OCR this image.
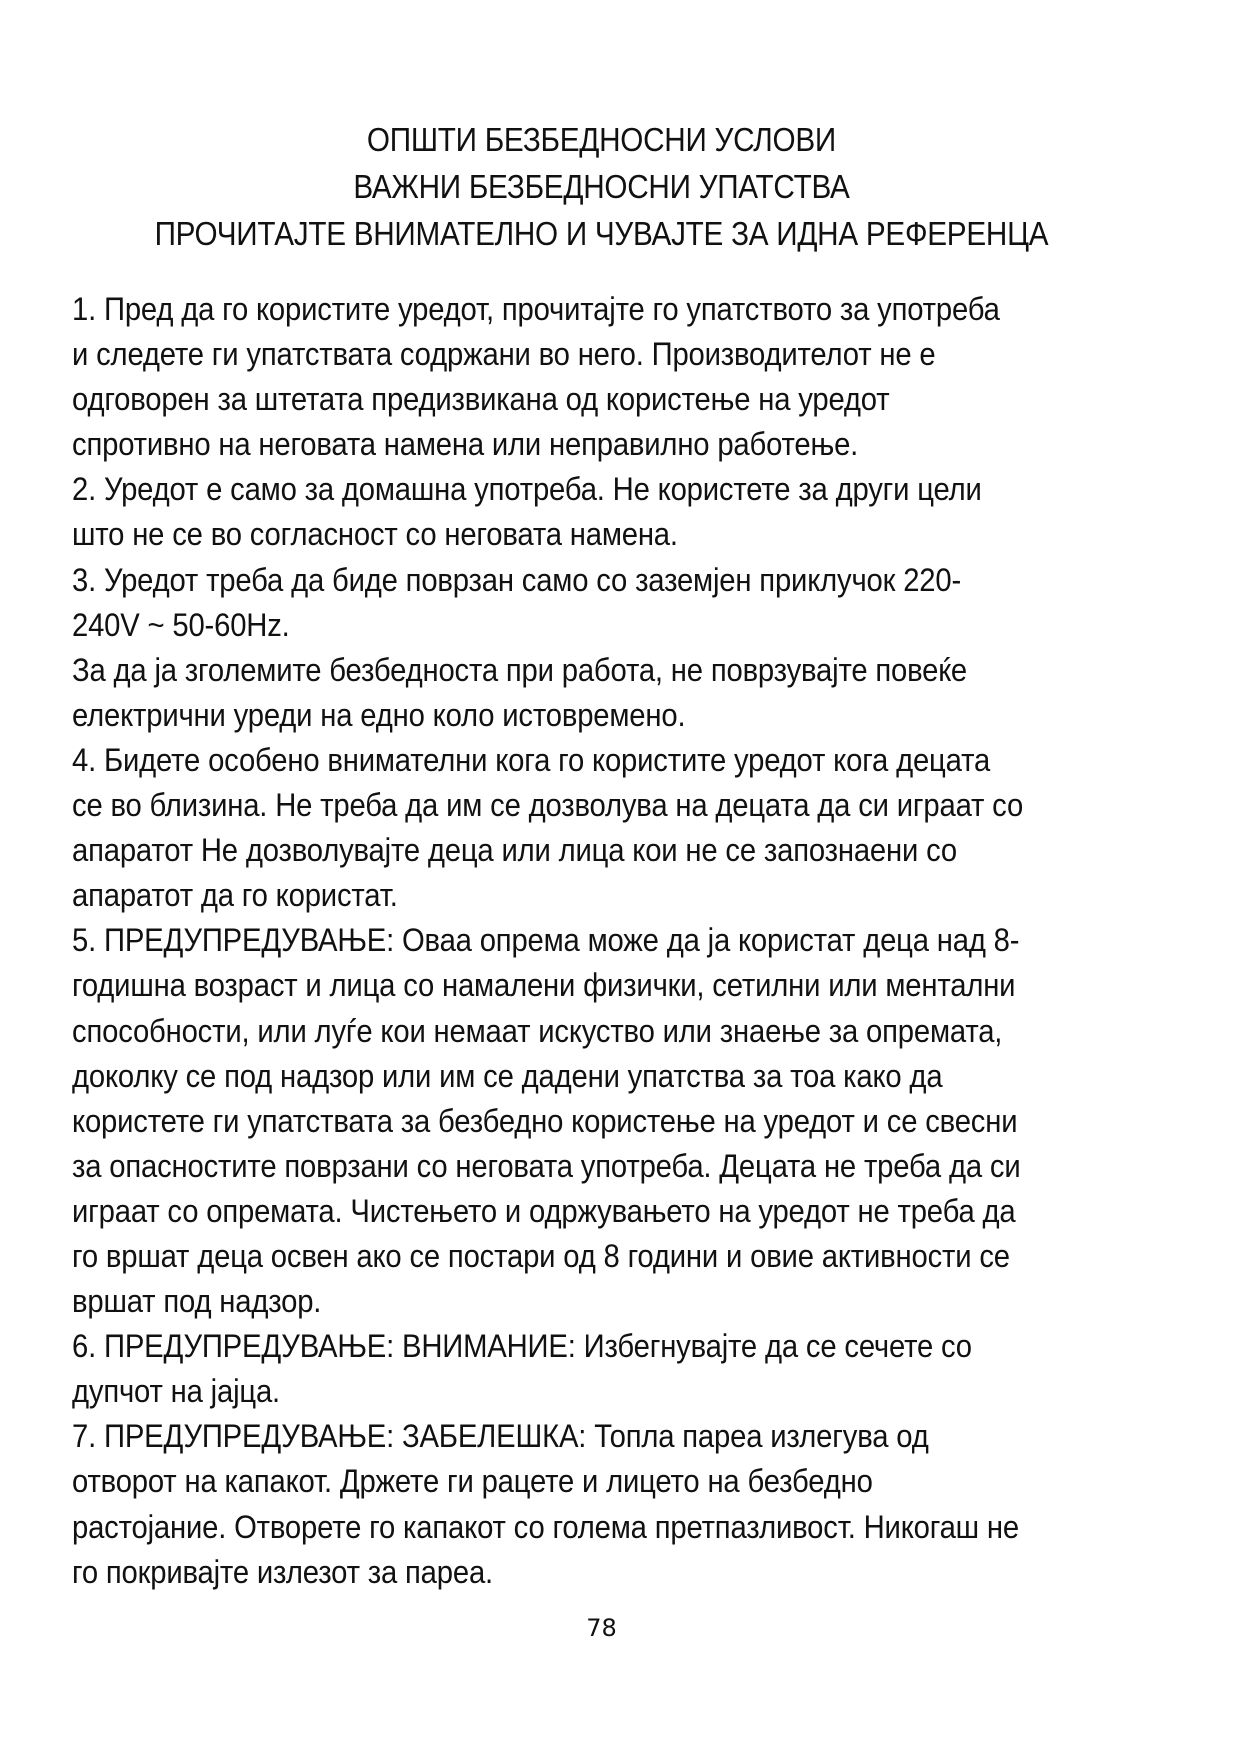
ОПШТИ БЕЗБЕДНОСНИ УСЛОВИ
ВАЖНИ БЕЗБЕДНОСНИ УПАТСТВА
ПРОЧИТАЈТЕ ВНИМАТЕЛНО И ЧУВАЈТЕ ЗА ИДНА РЕФЕРЕНЦА
1. Пред да го користите уредот, прочитајте го упатството за употреба
и следете ги упатствата содржани во него. Производителот не е
одговорен за штетата предизвикана од користење на уредот
спротивно на неговата намена или неправилно работење.
2. Уредот е само за домашна употреба. Не користете за други цели
што не се во согласност со неговата намена.
3. Уредот треба да биде поврзан само со заземјен приклучок 220-
240V ~ 50-60Hz.
За да ја зголемите безбедноста при работа, не поврзувајте повеќе
електрични уреди на едно коло истовремено.
4. Бидете особено внимателни кога го користите уредот кога децата
се во близина. Не треба да им се дозволува на децата да си играат со
апаратот Не дозволувајте деца или лица кои не се запознаени со
апаратот да го користат.
5. ПРЕДУПРЕДУВАЊЕ: Оваа опрема може да ја користат деца над 8-
годишна возраст и лица со намалени физички, сетилни или ментални
способности, или луѓе кои немаат искуство или знаење за опремата,
доколку се под надзор или им се дадени упатства за тоа како да
користете ги упатствата за безбедно користење на уредот и се свесни
за опасностите поврзани со неговата употреба. Децата не треба да си
играат со опремата. Чистењето и одржувањето на уредот не треба да
го вршат деца освен ако се постари од 8 години и овие активности се
вршат под надзор.
6. ПРЕДУПРЕДУВАЊЕ: ВНИМАНИЕ: Избегнувајте да се сечете со
дупчот на јајца.
7. ПРЕДУПРЕДУВАЊЕ: ЗАБЕЛЕШКА: Топла пареа излегува од
отворот на капакот. Држете ги рацете и лицето на безбедно
растојание. Отворете го капакот со голема претпазливост. Никогаш не
го покривајте излезот за пареа.
78
